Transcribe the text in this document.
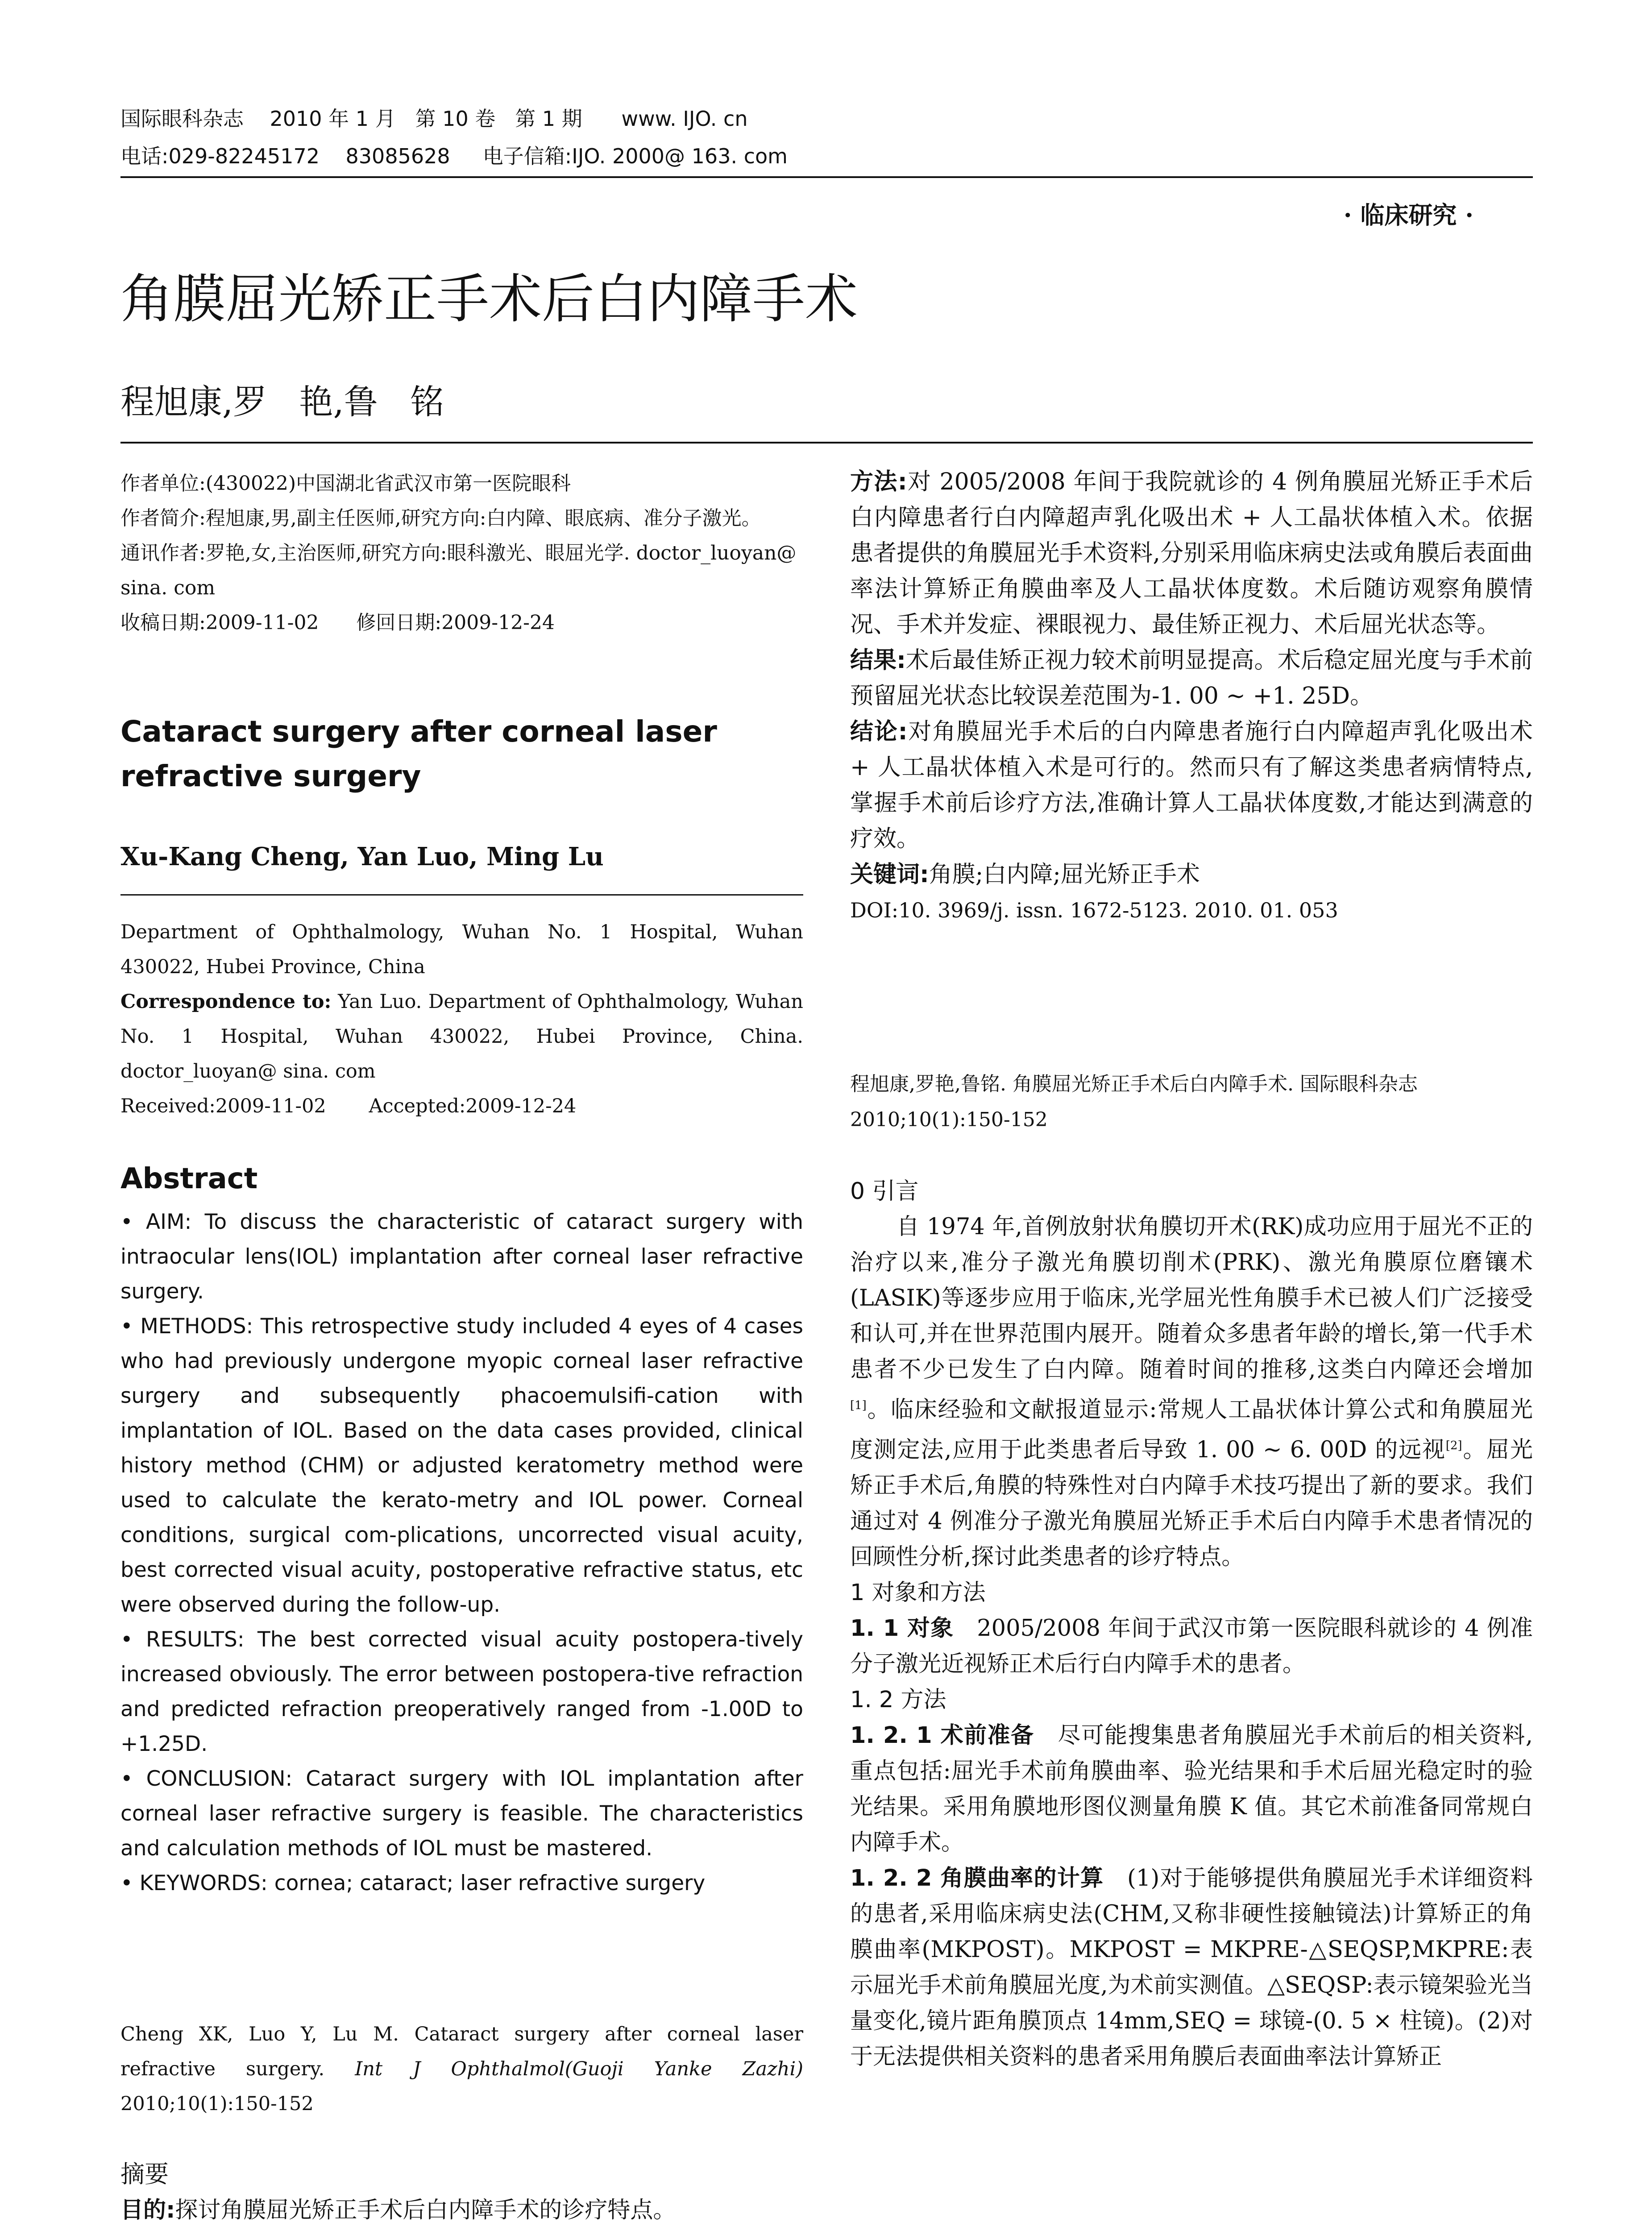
国际眼科杂志    2010 年 1 月   第 10 卷   第 1 期      www. IJO. cn
电话:029-82245172    83085628     电子信箱:IJO. 2000@ 163. com
· 临床研究 ·
角膜屈光矫正手术后白内障手术
程旭康,罗   艳,鲁   铭

作者单位:(430022)中国湖北省武汉市第一医院眼科

作者简介:程旭康,男,副主任医师,研究方向:白内障、眼底病、准分子激光。

通讯作者:罗艳,女,主治医师,研究方向:眼科激光、眼屈光学. doctor_luoyan@ sina. com

收稿日期:2009-11-02      修回日期:2009-12-24

Cataract surgery after corneal laser refractive surgery
Xu-Kang Cheng, Yan Luo, Ming Lu

Department of Ophthalmology, Wuhan No. 1 Hospital, Wuhan 430022, Hubei Province, China

Correspondence to: Yan Luo. Department of Ophthalmology, Wuhan No. 1 Hospital, Wuhan 430022, Hubei Province, China. doctor_luoyan@ sina. com

Received:2009-11-02       Accepted:2009-12-24

Abstract

• AIM: To discuss the characteristic of cataract surgery with intraocular lens(IOL) implantation after corneal laser refractive surgery.

• METHODS: This retrospective study included 4 eyes of 4 cases who had previously undergone myopic corneal laser refractive surgery and subsequently phacoemulsifi-cation with implantation of IOL. Based on the data cases provided, clinical history method (CHM) or adjusted keratometry method were used to calculate the kerato-metry and IOL power. Corneal conditions, surgical com-plications, uncorrected visual acuity, best corrected visual acuity, postoperative refractive status, etc were observed during the follow-up.

• RESULTS: The best corrected visual acuity postopera-tively increased obviously. The error between postopera-tive refraction and predicted refraction preoperatively ranged from -1.00D to +1.25D.

• CONCLUSION: Cataract surgery with IOL implantation after corneal laser refractive surgery is feasible. The characteristics and calculation methods of IOL must be mastered.

• KEYWORDS: cornea; cataract; laser refractive surgery

Cheng XK, Luo Y, Lu M. Cataract surgery after corneal laser refractive surgery. Int J Ophthalmol(Guoji Yanke Zazhi) 2010;10(1):150-152
摘要
目的:探讨角膜屈光矫正手术后白内障手术的诊疗特点。

方法:对 2005/2008 年间于我院就诊的 4 例角膜屈光矫正手术后白内障患者行白内障超声乳化吸出术 + 人工晶状体植入术。依据患者提供的角膜屈光手术资料,分别采用临床病史法或角膜后表面曲率法计算矫正角膜曲率及人工晶状体度数。术后随访观察角膜情况、手术并发症、裸眼视力、最佳矫正视力、术后屈光状态等。

结果:术后最佳矫正视力较术前明显提高。术后稳定屈光度与手术前预留屈光状态比较误差范围为-1. 00 ~ +1. 25D。

结论:对角膜屈光手术后的白内障患者施行白内障超声乳化吸出术 + 人工晶状体植入术是可行的。然而只有了解这类患者病情特点,掌握手术前后诊疗方法,准确计算人工晶状体度数,才能达到满意的疗效。

关键词:角膜;白内障;屈光矫正手术

DOI:10. 3969/j. issn. 1672-5123. 2010. 01. 053

程旭康,罗艳,鲁铭. 角膜屈光矫正手术后白内障手术. 国际眼科杂志 2010;10(1):150-152

0 引言

自 1974 年,首例放射状角膜切开术(RK)成功应用于屈光不正的治疗以来,准分子激光角膜切削术(PRK)、激光角膜原位磨镶术(LASIK)等逐步应用于临床,光学屈光性角膜手术已被人们广泛接受和认可,并在世界范围内展开。随着众多患者年龄的增长,第一代手术患者不少已发生了白内障。随着时间的推移,这类白内障还会增加[1]。临床经验和文献报道显示:常规人工晶状体计算公式和角膜屈光度测定法,应用于此类患者后导致 1. 00 ~ 6. 00D 的远视[2]。屈光矫正手术后,角膜的特殊性对白内障手术技巧提出了新的要求。我们通过对 4 例准分子激光角膜屈光矫正手术后白内障手术患者情况的回顾性分析,探讨此类患者的诊疗特点。

1 对象和方法

1. 1 对象   2005/2008 年间于武汉市第一医院眼科就诊的 4 例准分子激光近视矫正术后行白内障手术的患者。

1. 2 方法

1. 2. 1 术前准备   尽可能搜集患者角膜屈光手术前后的相关资料,重点包括:屈光手术前角膜曲率、验光结果和手术后屈光稳定时的验光结果。采用角膜地形图仪测量角膜 K 值。其它术前准备同常规白内障手术。

1. 2. 2 角膜曲率的计算   (1)对于能够提供角膜屈光手术详细资料的患者,采用临床病史法(CHM,又称非硬性接触镜法)计算矫正的角膜曲率(MKPOST)。MKPOST = MKPRE-△SEQSP,MKPRE:表示屈光手术前角膜屈光度,为术前实测值。△SEQSP:表示镜架验光当量变化,镜片距角膜顶点 14mm,SEQ = 球镜-(0. 5 × 柱镜)。(2)对于无法提供相关资料的患者采用角膜后表面曲率法计算矫正
